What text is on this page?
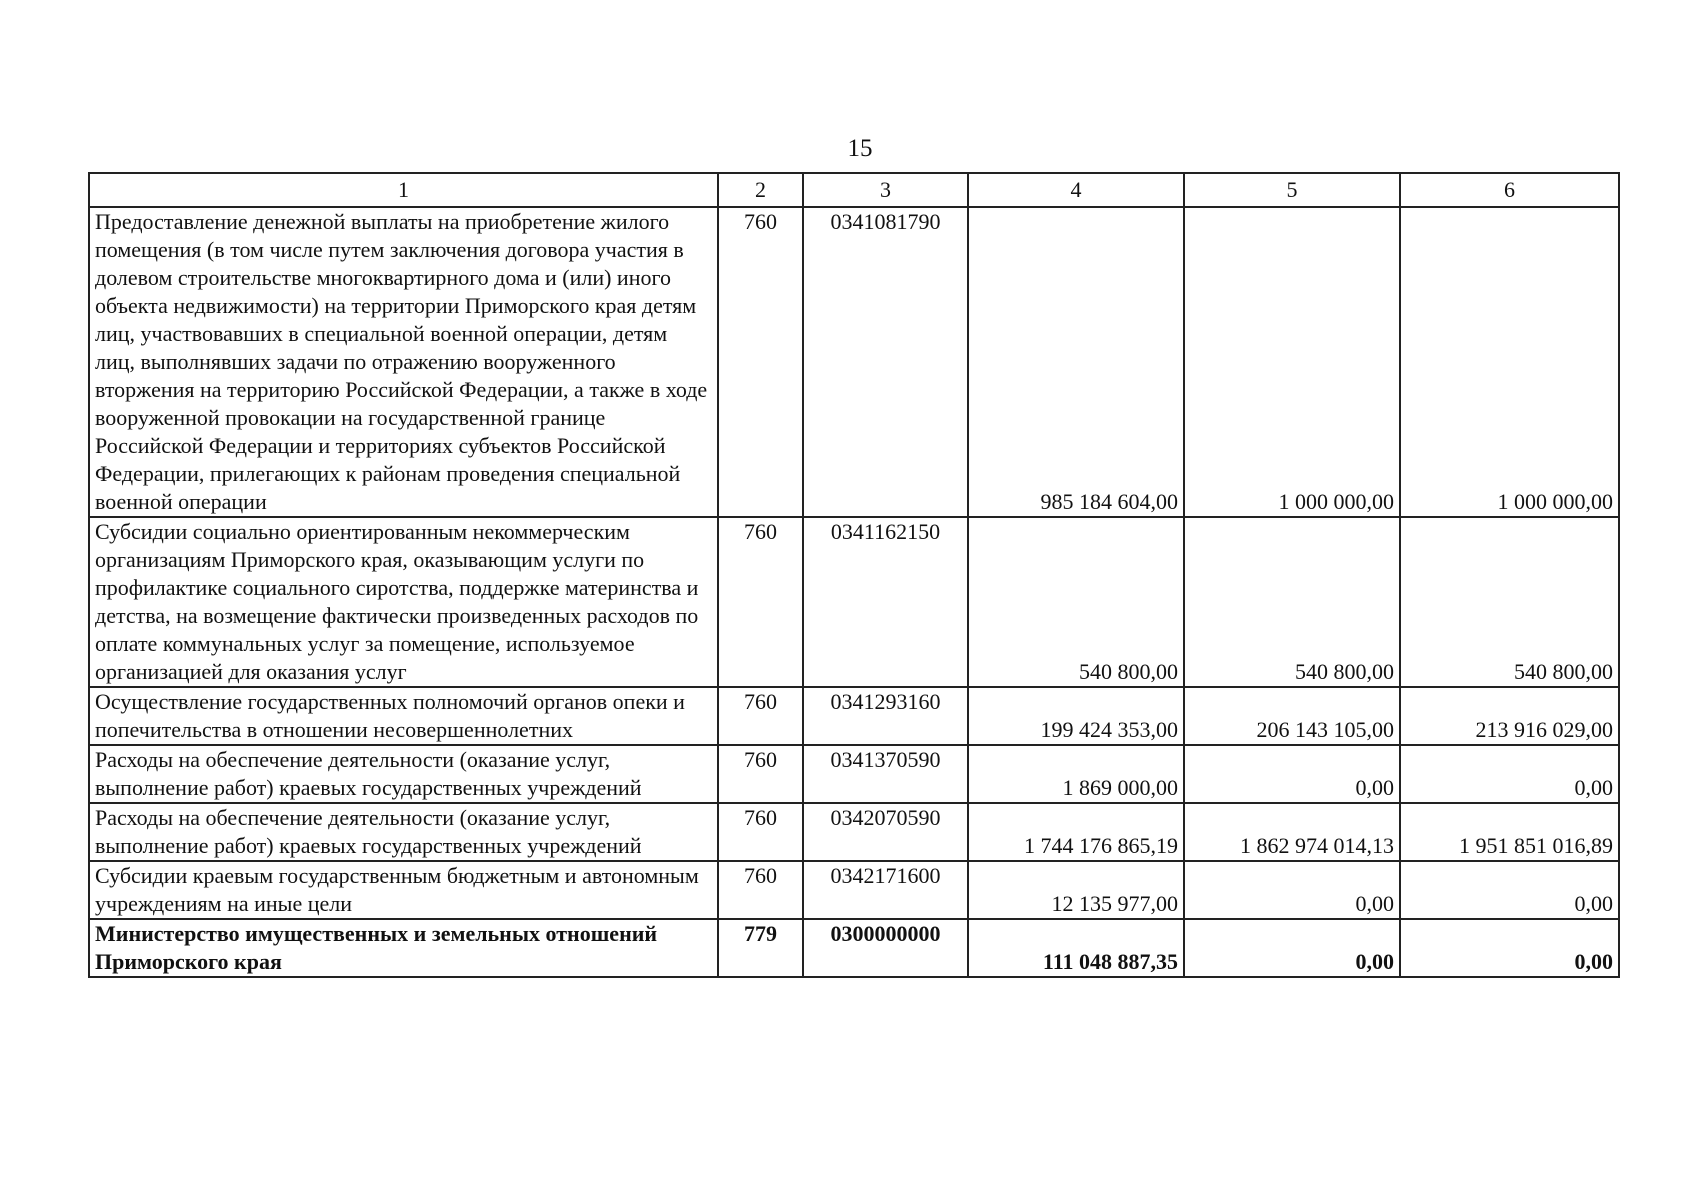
15
1	2	3	4	5	6
Предоставление денежной выплаты на приобретение жилого помещения (в том числе путем заключения договора участия в долевом строительстве многоквартирного дома и (или) иного объекта недвижимости) на территории Приморского края детям лиц, участвовавших в специальной военной операции, детям лиц, выполнявших задачи по отражению вооруженного вторжения на территорию Российской Федерации, а также в ходе вооруженной провокации на государственной границе Российской Федерации и территориях субъектов Российской Федерации, прилегающих к районам проведения специальной военной операции	760	0341081790	985 184 604,00	1 000 000,00	1 000 000,00
Субсидии социально ориентированным некоммерческим организациям Приморского края, оказывающим услуги по профилактике социального сиротства, поддержке материнства и детства, на возмещение фактически произведенных расходов по оплате коммунальных услуг за помещение, используемое организацией для оказания услуг	760	0341162150	540 800,00	540 800,00	540 800,00
Осуществление государственных полномочий органов опеки и попечительства в отношении несовершеннолетних	760	0341293160	199 424 353,00	206 143 105,00	213 916 029,00
Расходы на обеспечение деятельности (оказание услуг, выполнение работ) краевых государственных учреждений	760	0341370590	1 869 000,00	0,00	0,00
Расходы на обеспечение деятельности (оказание услуг, выполнение работ) краевых государственных учреждений	760	0342070590	1 744 176 865,19	1 862 974 014,13	1 951 851 016,89
Субсидии краевым государственным бюджетным и автономным учреждениям на иные цели	760	0342171600	12 135 977,00	0,00	0,00
Министерство имущественных и земельных отношений Приморского края	779	0300000000	111 048 887,35	0,00	0,00
